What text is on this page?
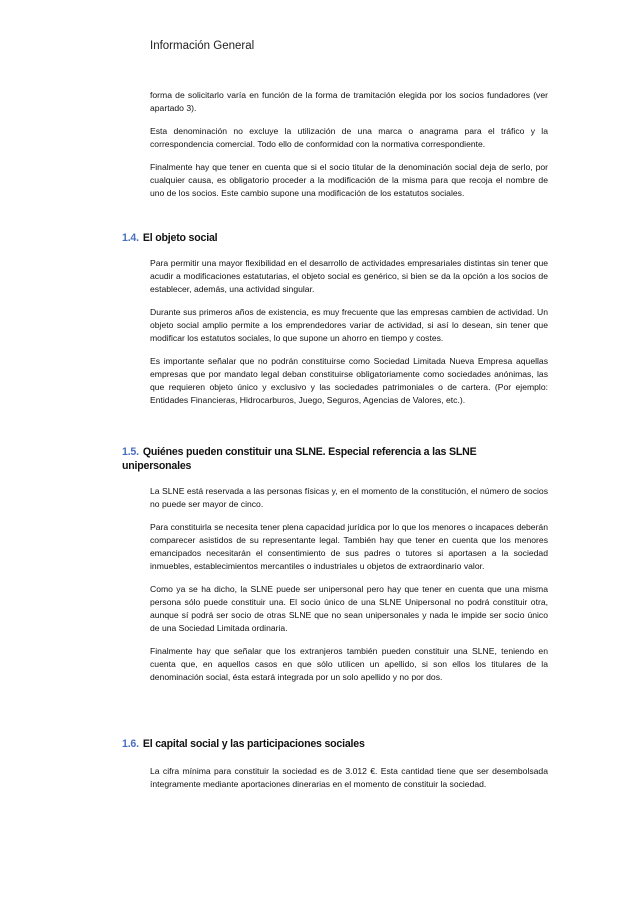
Información General

forma de solicitarlo varía en función de la forma de tramitación elegida por los socios fundadores (ver apartado 3).

Esta denominación no excluye la utilización de una marca o anagrama para el tráfico y la correspondencia comercial. Todo ello de conformidad con la normativa correspondiente.

Finalmente hay que tener en cuenta que si el socio titular de la denominación social deja de serlo, por cualquier causa, es obligatorio proceder a la modificación de la misma para que recoja el nombre de uno de los socios. Este cambio supone una modificación de los estatutos sociales.

1.4. El objeto social

Para permitir una mayor flexibilidad en el desarrollo de actividades empresariales distintas sin tener que acudir a modificaciones estatutarias, el objeto social es genérico, si bien se da la opción a los socios de establecer, además, una actividad singular.

Durante sus primeros años de existencia, es muy frecuente que las empresas cambien de actividad. Un objeto social amplio permite a los emprendedores variar de actividad, si así lo desean, sin tener que modificar los estatutos sociales, lo que supone un ahorro en tiempo y costes.

Es importante señalar que no podrán constituirse como Sociedad Limitada Nueva Empresa aquellas empresas que por mandato legal deban constituirse obligatoriamente como sociedades anónimas, las que requieren objeto único y exclusivo y las sociedades patrimoniales o de cartera. (Por ejemplo: Entidades Financieras, Hidrocarburos, Juego, Seguros, Agencias de Valores, etc.).

1.5. Quiénes pueden constituir una SLNE. Especial referencia a las SLNE unipersonales

La SLNE está reservada a las personas físicas y, en el momento de la constitución, el número de socios no puede ser mayor de cinco.

Para constituirla se necesita tener plena capacidad jurídica por lo que los menores o incapaces deberán comparecer asistidos de su representante legal. También hay que tener en cuenta que los menores emancipados necesitarán el consentimiento de sus padres o tutores si aportasen a la sociedad inmuebles, establecimientos mercantiles o industriales u objetos de extraordinario valor.

Como ya se ha dicho, la SLNE puede ser unipersonal pero hay que tener en cuenta que una misma persona sólo puede constituir una. El socio único de una SLNE Unipersonal no podrá constituir otra, aunque sí podrá ser socio de otras SLNE que no sean unipersonales y nada le impide ser socio único de una Sociedad Limitada ordinaria.

Finalmente hay que señalar que los extranjeros también pueden constituir una SLNE, teniendo en cuenta que, en aquellos casos en que sólo utilicen un apellido, si son ellos los titulares de la denominación social, ésta estará integrada por un solo apellido y no por dos.

1.6. El capital social y las participaciones sociales

La cifra mínima para constituir la sociedad es de 3.012 €. Esta cantidad tiene que ser desembolsada íntegramente mediante aportaciones dinerarias en el momento de constituir la sociedad.
